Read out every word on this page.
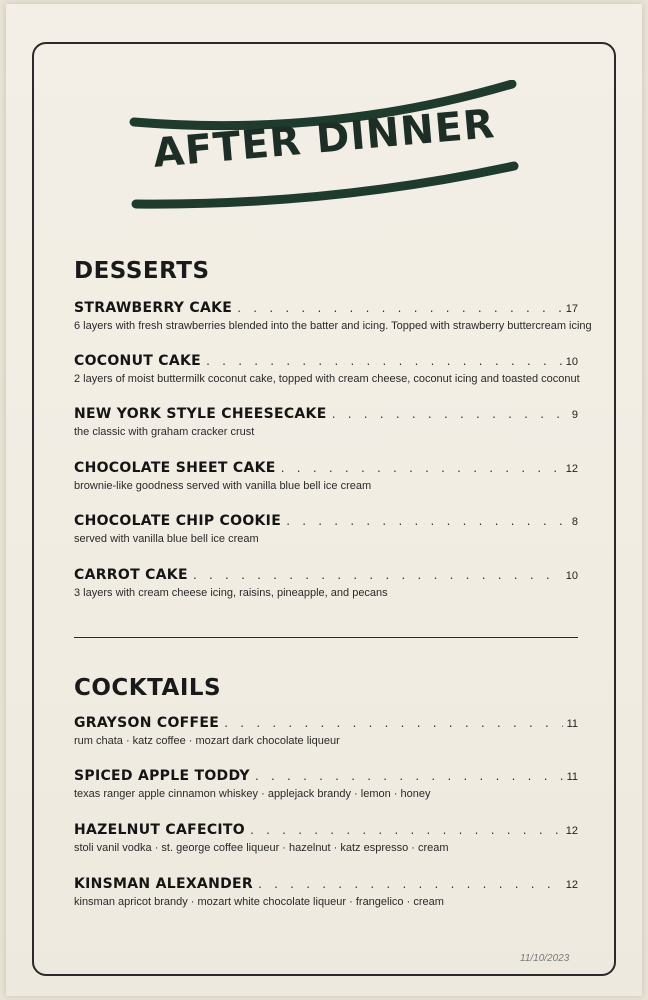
AFTER DINNER
DESSERTS
STRAWBERRY CAKE . . .	17
6 layers with fresh strawberries blended into the batter and icing. Topped with strawberry buttercream icing
COCONUT CAKE . . .	10
2 layers of moist buttermilk coconut cake, topped with cream cheese, coconut icing and toasted coconut
NEW YORK STYLE CHEESECAKE . . .	9
the classic with graham cracker crust
CHOCOLATE SHEET CAKE . . .	12
brownie-like goodness served with vanilla blue bell ice cream
CHOCOLATE CHIP COOKIE . . .	8
served with vanilla blue bell ice cream
CARROT CAKE . . .	10
3 layers with cream cheese icing, raisins, pineapple, and pecans
COCKTAILS
GRAYSON COFFEE . . .	11
rum chata · katz coffee · mozart dark chocolate liqueur
SPICED APPLE TODDY . . .	11
texas ranger apple cinnamon whiskey · applejack brandy · lemon · honey
HAZELNUT CAFECITO . . .	12
stoli vanil vodka · st. george coffee liqueur · hazelnut · katz espresso · cream
KINSMAN ALEXANDER . . .	12
kinsman apricot brandy · mozart white chocolate liqueur · frangelico · cream
11/10/2023
